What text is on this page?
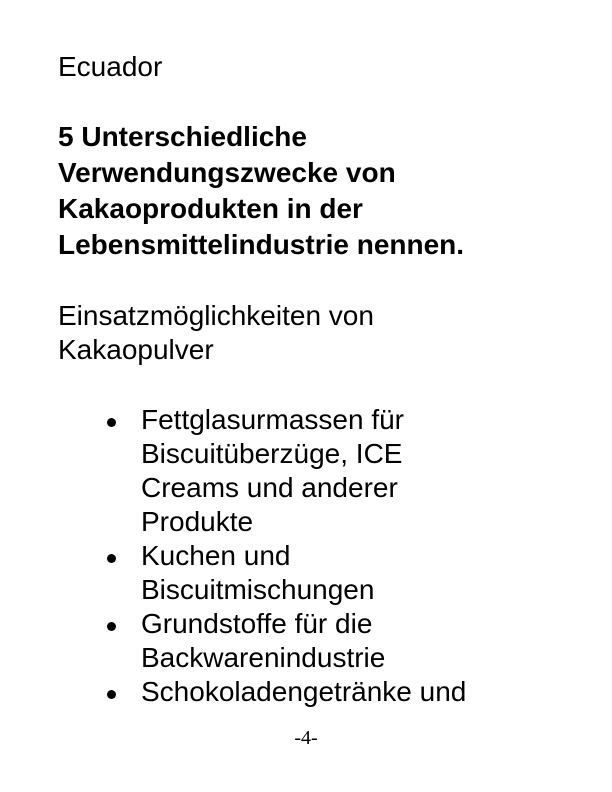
Ecuador
5 Unterschiedliche
Verwendungszwecke von
Kakaoprodukten in der
Lebensmittelindustrie nennen.
Einsatzmöglichkeiten von
Kakaopulver
Fettglasurmassen für
Biscuitüberzüge, ICE
Creams und anderer
Produkte
Kuchen und
Biscuitmischungen
Grundstoffe für die
Backwarenindustrie
Schokoladengetränke und
-4-
